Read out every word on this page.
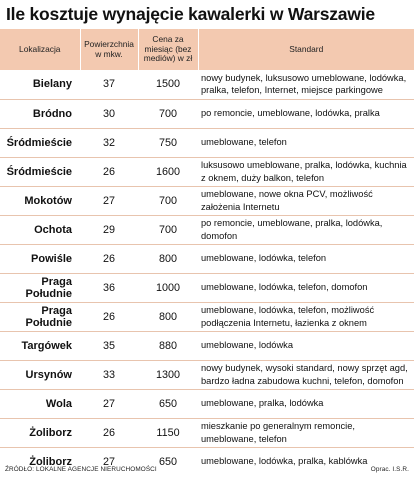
Ile kosztuje wynajęcie kawalerki w Warszawie
Lokalizacja	Powierzchnia w mkw.	Cena za miesiąc (bez mediów) w zł	Standard
Bielany	37	1500	nowy budynek, luksusowo umeblowane, lodówka, pralka, telefon, Internet, miejsce parkingowe
Bródno	30	700	po remoncie, umeblowane, lodówka, pralka
Śródmieście	32	750	umeblowane, telefon
Śródmieście	26	1600	luksusowo umeblowane, pralka, lodówka, kuchnia z oknem, duży balkon, telefon
Mokotów	27	700	umeblowane, nowe okna PCV, możliwość założenia Internetu
Ochota	29	700	po remoncie, umeblowane, pralka, lodówka, domofon
Powiśle	26	800	umeblowane, lodówka, telefon
Praga Południe	36	1000	umeblowane, lodówka, telefon, domofon
Praga Południe	26	800	umeblowane, lodówka, telefon, możliwość podłączenia Internetu, łazienka z oknem
Targówek	35	880	umeblowane, lodówka
Ursynów	33	1300	nowy budynek, wysoki standard, nowy sprzęt agd, bardzo ładna zabudowa kuchni, telefon, domofon
Wola	27	650	umeblowane, pralka, lodówka
Żoliborz	26	1150	mieszkanie po generalnym remoncie, umeblowane, telefon
Żoliborz	27	650	umeblowane, lodówka, pralka, kablówka
ŹRÓDŁO: LOKALNE AGENCJE NIERUCHOMOŚCI	Oprac. I.S.R.
